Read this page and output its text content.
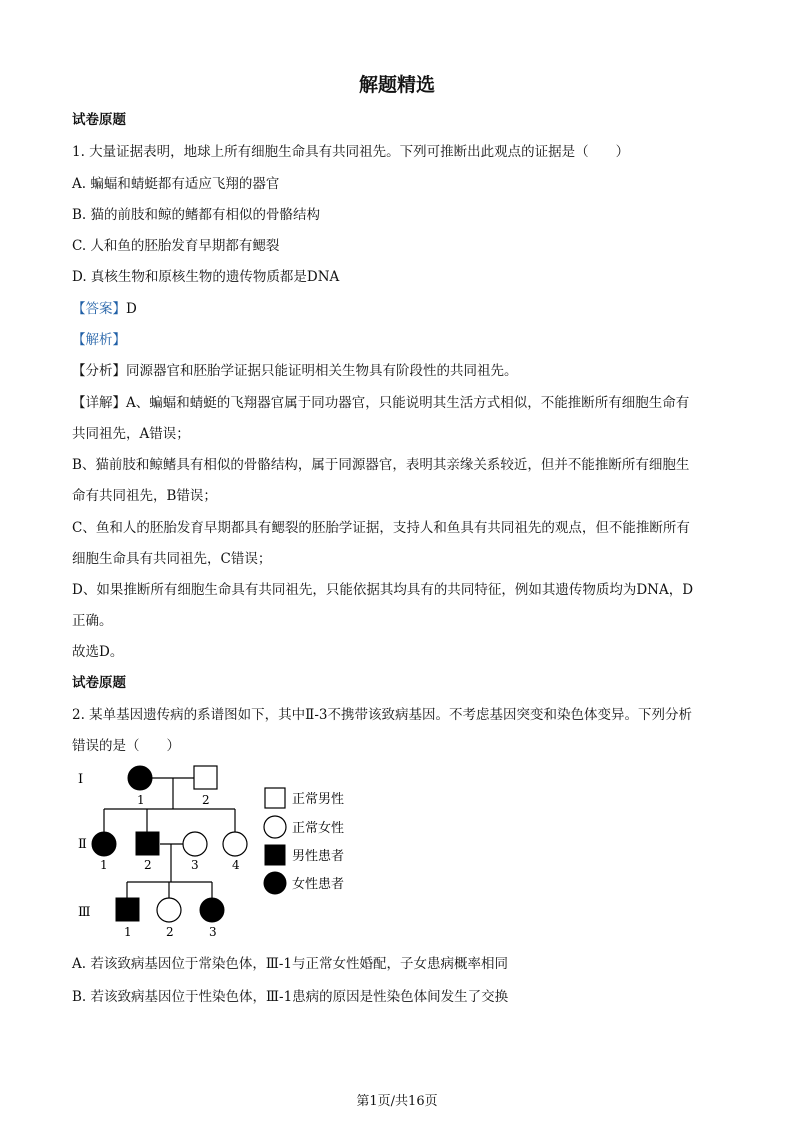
解题精选
试卷原题
1. 大量证据表明，地球上所有细胞生命具有共同祖先。下列可推断出此观点的证据是（　　）
A. 蝙蝠和蜻蜓都有适应飞翔的器官
B. 猫的前肢和鲸的鳍都有相似的骨骼结构
C. 人和鱼的胚胎发育早期都有鳃裂
D. 真核生物和原核生物的遗传物质都是DNA
【答案】D
【解析】
【分析】同源器官和胚胎学证据只能证明相关生物具有阶段性的共同祖先。
【详解】A、蝙蝠和蜻蜓的飞翔器官属于同功器官，只能说明其生活方式相似，不能推断所有细胞生命有
共同祖先，A错误；
B、猫前肢和鲸鳍具有相似的骨骼结构，属于同源器官，表明其亲缘关系较近，但并不能推断所有细胞生
命有共同祖先，B错误；
C、鱼和人的胚胎发育早期都具有鳃裂的胚胎学证据，支持人和鱼具有共同祖先的观点，但不能推断所有
细胞生命具有共同祖先，C错误；
D、如果推断所有细胞生命具有共同祖先，只能依据其均具有的共同特征，例如其遗传物质均为DNA，D
正确。
故选D。
试卷原题
2. 某单基因遗传病的系谱图如下，其中Ⅱ-3不携带该致病基因。不考虑基因突变和染色体变异。下列分析
错误的是（　　）
Ⅰ
Ⅱ
Ⅲ
1	2
1	2	3	4
1	2	3
正常男性
正常女性
男性患者
女性患者
A. 若该致病基因位于常染色体，Ⅲ-1与正常女性婚配，子女患病概率相同
B. 若该致病基因位于性染色体，Ⅲ-1患病的原因是性染色体间发生了交换
第1页/共16页
